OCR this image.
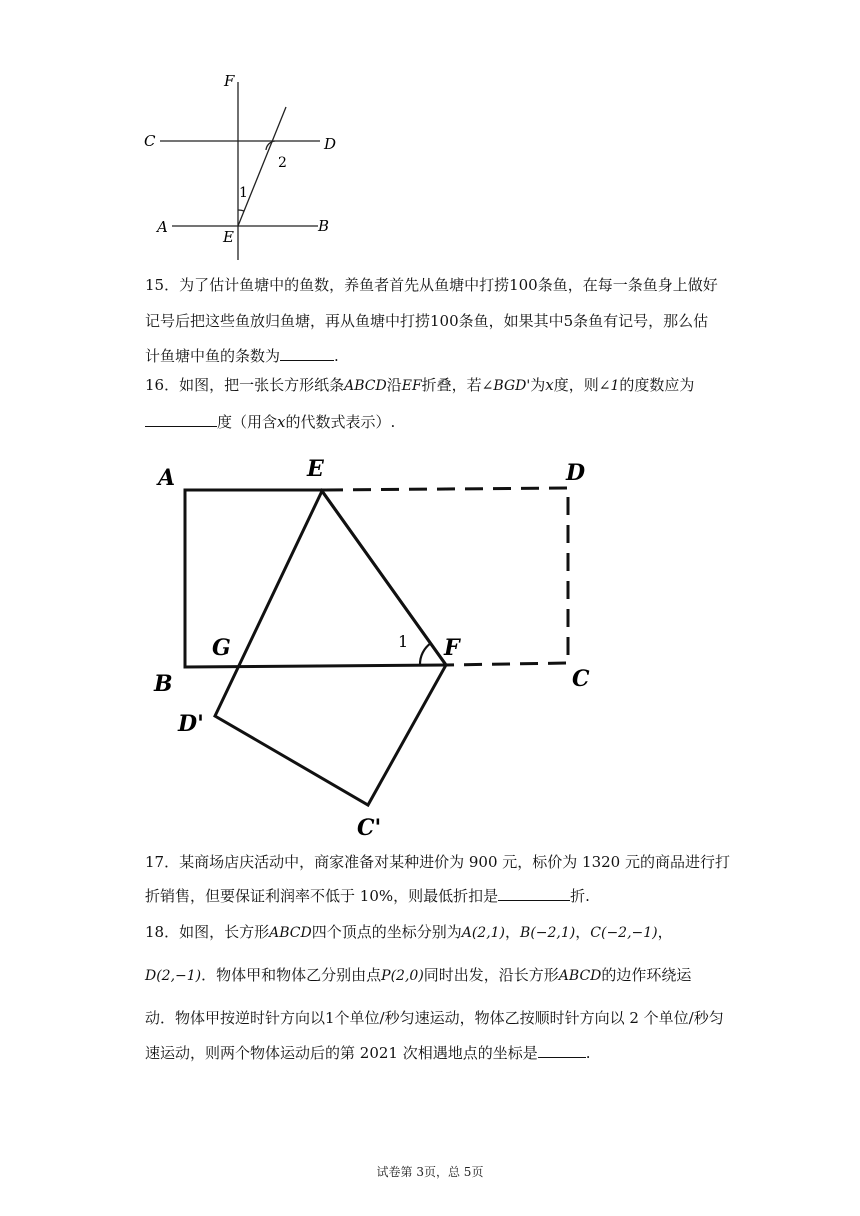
F
C	D
2
1
A	B
E
15．为了估计鱼塘中的鱼数，养鱼者首先从鱼塘中打捞100条鱼，在每一条鱼身上做好
记号后把这些鱼放归鱼塘，再从鱼塘中打捞100条鱼，如果其中5条鱼有记号，那么估
计鱼塘中鱼的条数为	.
16．如图，把一张长方形纸条ABCD沿EF折叠，若∠BGD'为x度，则∠1的度数应为
度（用含x的代数式表示）.
A	E	D
B
G	F
C
D'
C'
1
17．某商场店庆活动中，商家准备对某种进价为 900 元，标价为 1320 元的商品进行打
折销售，但要保证利润率不低于 10%，则最低折扣是	折.
18．如图，长方形ABCD四个顶点的坐标分别为A(2,1)，B(−2,1)，C(−2,−1)，
D(2,−1)．物体甲和物体乙分别由点P(2,0)同时出发，沿长方形ABCD的边作环绕运
动．物体甲按逆时针方向以1个单位/秒匀速运动，物体乙按顺时针方向以 2 个单位/秒匀
速运动，则两个物体运动后的第 2021 次相遇地点的坐标是	.
试卷第 3页，总 5页
